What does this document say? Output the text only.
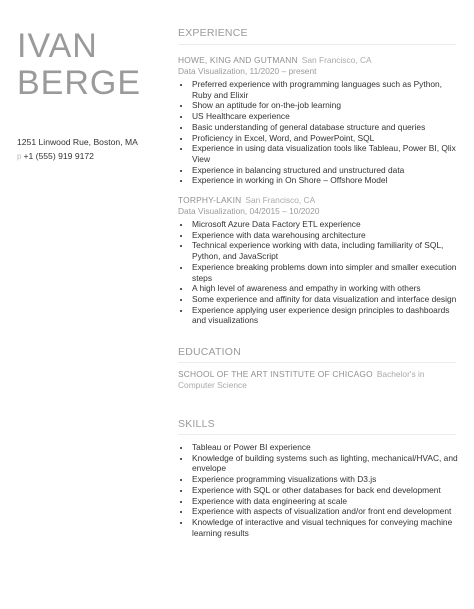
IVAN
BERGE
1251 Linwood Rue, Boston, MA
p +1 (555) 919 9172
EXPERIENCE
HOWE, KING AND GUTMANN San Francisco, CA
Data Visualization, 11/2020 – present
• Preferred experience with programming languages such as Python, Ruby and Elixir
• Show an aptitude for on-the-job learning
• US Healthcare experience
• Basic understanding of general database structure and queries
• Proficiency in Excel, Word, and PowerPoint, SQL
• Experience in using data visualization tools like Tableau, Power BI, Qlix View
• Experience in balancing structured and unstructured data
• Experience in working in On Shore – Offshore Model
TORPHY-LAKIN San Francisco, CA
Data Visualization, 04/2015 – 10/2020
• Microsoft Azure Data Factory ETL experience
• Experience with data warehousing architecture
• Technical experience working with data, including familiarity of SQL, Python, and JavaScript
• Experience breaking problems down into simpler and smaller execution steps
• A high level of awareness and empathy in working with others
• Some experience and affinity for data visualization and interface design
• Experience applying user experience design principles to dashboards and visualizations
EDUCATION
SCHOOL OF THE ART INSTITUTE OF CHICAGO Bachelor's in Computer Science
SKILLS
• Tableau or Power BI experience
• Knowledge of building systems such as lighting, mechanical/HVAC, and envelope
• Experience programming visualizations with D3.js
• Experience with SQL or other databases for back end development
• Experience with data engineering at scale
• Experience with aspects of visualization and/or front end development
• Knowledge of interactive and visual techniques for conveying machine learning results
